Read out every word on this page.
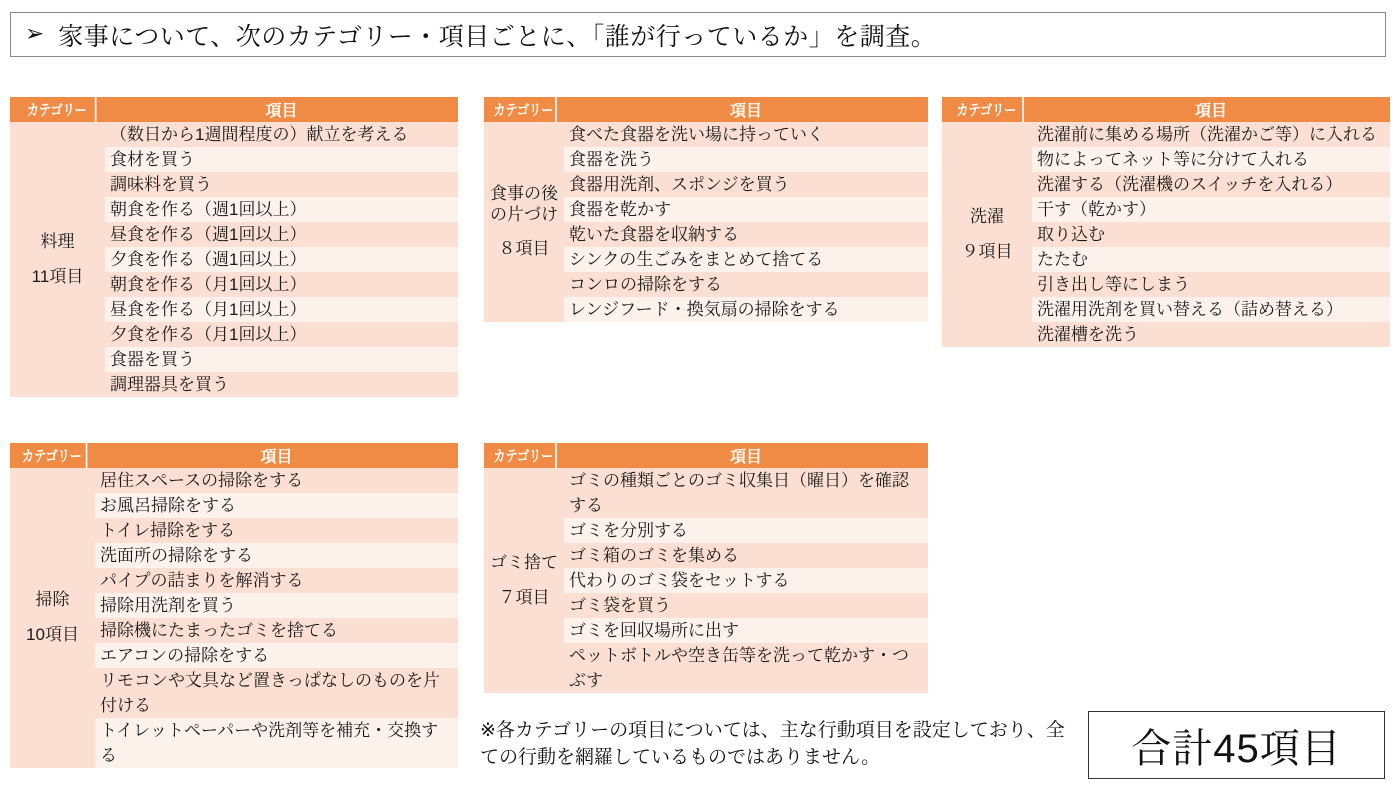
➢ 家事について、次のカテゴリー・項目ごとに、「誰が行っているか」を調査。
カテゴリー	項目
料理
11項目
（数日から1週間程度の）献立を考える
食材を買う
調味料を買う
朝食を作る（週1回以上）
昼食を作る（週1回以上）
夕食を作る（週1回以上）
朝食を作る（月1回以上）
昼食を作る（月1回以上）
夕食を作る（月1回以上）
食器を買う
調理器具を買う
カテゴリー	項目
食事の後の片づけ
８項目
食べた食器を洗い場に持っていく
食器を洗う
食器用洗剤、スポンジを買う
食器を乾かす
乾いた食器を収納する
シンクの生ごみをまとめて捨てる
コンロの掃除をする
レンジフード・換気扇の掃除をする
カテゴリー	項目
洗濯
９項目
洗濯前に集める場所（洗濯かご等）に入れる
物によってネット等に分けて入れる
洗濯する（洗濯機のスイッチを入れる）
干す（乾かす）
取り込む
たたむ
引き出し等にしまう
洗濯用洗剤を買い替える（詰め替える）
洗濯槽を洗う
カテゴリー	項目
掃除
10項目
居住スペースの掃除をする
お風呂掃除をする
トイレ掃除をする
洗面所の掃除をする
パイプの詰まりを解消する
掃除用洗剤を買う
掃除機にたまったゴミを捨てる
エアコンの掃除をする
リモコンや文具など置きっぱなしのものを片付ける
トイレットペーパーや洗剤等を補充・交換する
カテゴリー	項目
ゴミ捨て
７項目
ゴミの種類ごとのゴミ収集日（曜日）を確認する
ゴミを分別する
ゴミ箱のゴミを集める
代わりのゴミ袋をセットする
ゴミ袋を買う
ゴミを回収場所に出す
ペットボトルや空き缶等を洗って乾かす・つぶす
※各カテゴリーの項目については、主な行動項目を設定しており、全ての行動を網羅しているものではありません。	合計45項目
